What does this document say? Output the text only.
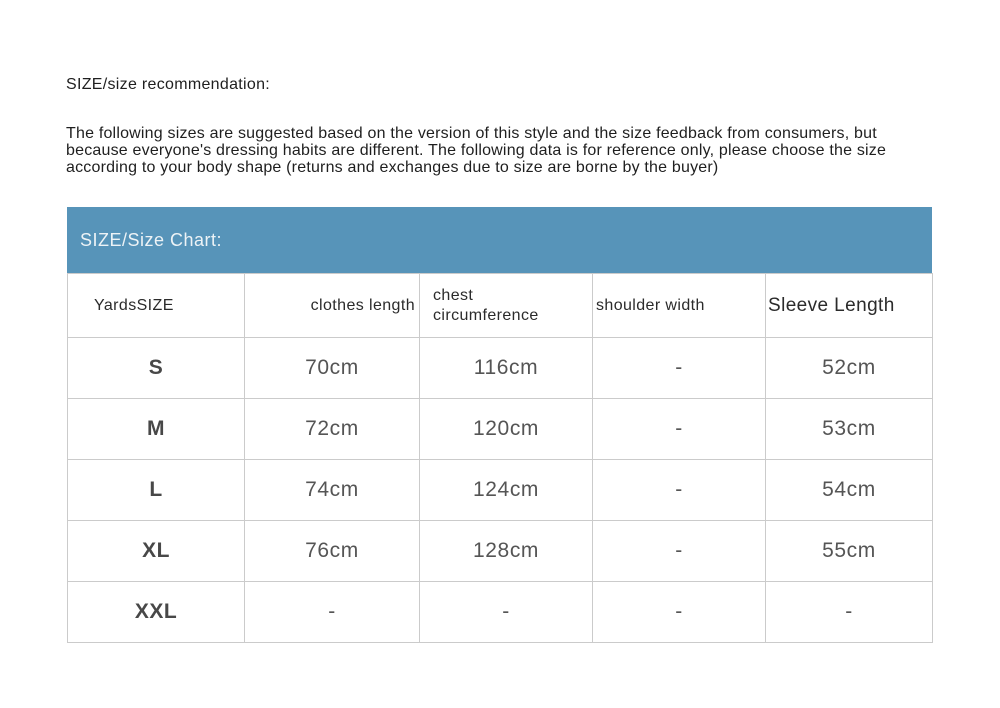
SIZE/size recommendation:
The following sizes are suggested based on the version of this style and the size feedback from consumers, but because everyone's dressing habits are different. The following data is for reference only, please choose the size according to your body shape (returns and exchanges due to size are borne by the buyer)
SIZE/Size Chart:
YardsSIZE	clothes length	chest circumference	shoulder width	Sleeve Length
S	70cm	116cm	-	52cm
M	72cm	120cm	-	53cm
L	74cm	124cm	-	54cm
XL	76cm	128cm	-	55cm
XXL	-	-	-	-
